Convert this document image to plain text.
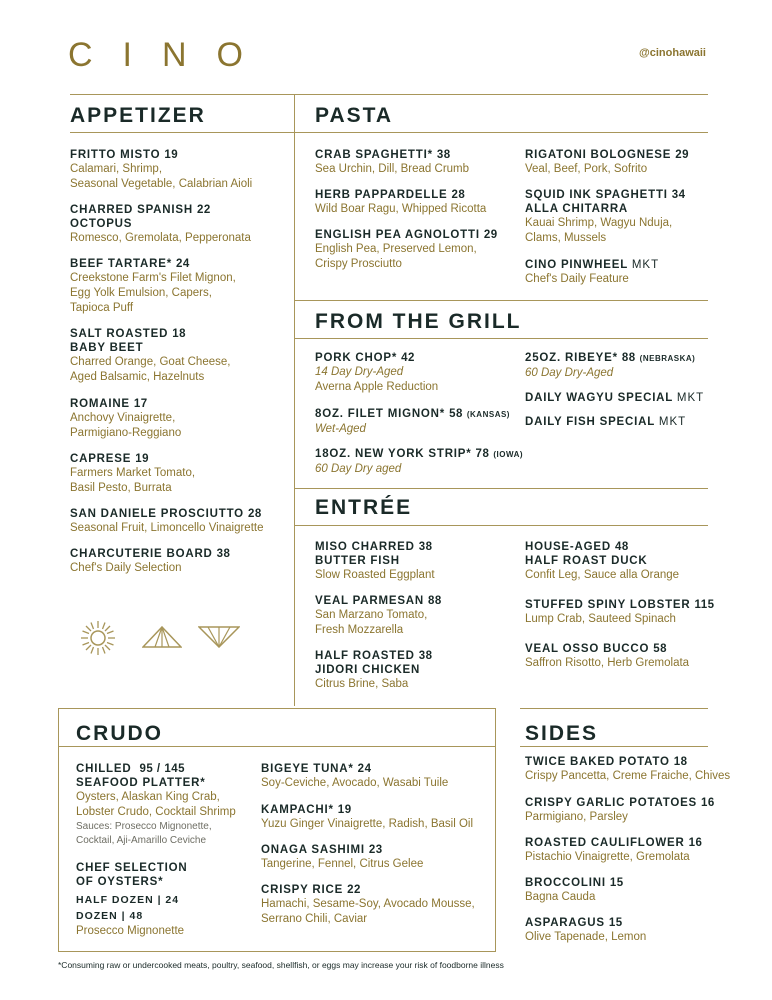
CINO	@cinohawaii
APPETIZER	PASTA
FROM THE GRILL
ENTRÉE
SIDES
FRITTO MISTO 19
Calamari, Shrimp,
Seasonal Vegetable, Calabrian Aioli
CHARRED SPANISH 22
OCTOPUS
Romesco, Gremolata, Pepperonata
BEEF TARTARE* 24
Creekstone Farm's Filet Mignon,
Egg Yolk Emulsion, Capers,
Tapioca Puff
SALT ROASTED 18
BABY BEET
Charred Orange, Goat Cheese,
Aged Balsamic, Hazelnuts
ROMAINE 17
Anchovy Vinaigrette,
Parmigiano-Reggiano
CAPRESE 19
Farmers Market Tomato,
Basil Pesto, Burrata
SAN DANIELE PROSCIUTTO 28
Seasonal Fruit, Limoncello Vinaigrette
CHARCUTERIE BOARD 38
Chef's Daily Selection
CRAB SPAGHETTI* 38
Sea Urchin, Dill, Bread Crumb
HERB PAPPARDELLE 28
Wild Boar Ragu, Whipped Ricotta
ENGLISH PEA AGNOLOTTI 29
English Pea, Preserved Lemon,
Crispy Prosciutto
RIGATONI BOLOGNESE 29
Veal, Beef, Pork, Sofrito
SQUID INK SPAGHETTI 34
ALLA CHITARRA
Kauai Shrimp, Wagyu Nduja,
Clams, Mussels
CINO PINWHEEL MKT
Chef's Daily Feature
PORK CHOP* 42
14 Day Dry-Aged
Averna Apple Reduction
8OZ. FILET MIGNON* 58 (KANSAS)
Wet-Aged
18OZ. NEW YORK STRIP* 78 (IOWA)
60 Day Dry aged
25OZ. RIBEYE* 88 (NEBRASKA)
60 Day Dry-Aged
DAILY WAGYU SPECIAL MKT
DAILY FISH SPECIAL MKT
MISO CHARRED 38
BUTTER FISH
Slow Roasted Eggplant
VEAL PARMESAN 88
San Marzano Tomato,
Fresh Mozzarella
HALF ROASTED 38
JIDORI CHICKEN
Citrus Brine, Saba
HOUSE-AGED 48
HALF ROAST DUCK
Confit Leg, Sauce alla Orange
STUFFED SPINY LOBSTER 115
Lump Crab, Sauteed Spinach
VEAL OSSO BUCCO 58
Saffron Risotto, Herb Gremolata
CRUDO
CHILLED 95 / 145
SEAFOOD PLATTER*
Oysters, Alaskan King Crab,
Lobster Crudo, Cocktail Shrimp
Sauces: Prosecco Mignonette,
Cocktail, Aji-Amarillo Ceviche
CHEF SELECTION
OF OYSTERS*
HALF DOZEN | 24
DOZEN | 48
Prosecco Mignonette
BIGEYE TUNA* 24
Soy-Ceviche, Avocado, Wasabi Tuile
KAMPACHI* 19
Yuzu Ginger Vinaigrette, Radish, Basil Oil
ONAGA SASHIMI 23
Tangerine, Fennel, Citrus Gelee
CRISPY RICE 22
Hamachi, Sesame-Soy, Avocado Mousse,
Serrano Chili, Caviar
TWICE BAKED POTATO 18
Crispy Pancetta, Creme Fraiche, Chives
CRISPY GARLIC POTATOES 16
Parmigiano, Parsley
ROASTED CAULIFLOWER 16
Pistachio Vinaigrette, Gremolata
BROCCOLINI 15
Bagna Cauda
ASPARAGUS 15
Olive Tapenade, Lemon
*Consuming raw or undercooked meats, poultry, seafood, shellfish, or eggs may increase your risk of foodborne illness
